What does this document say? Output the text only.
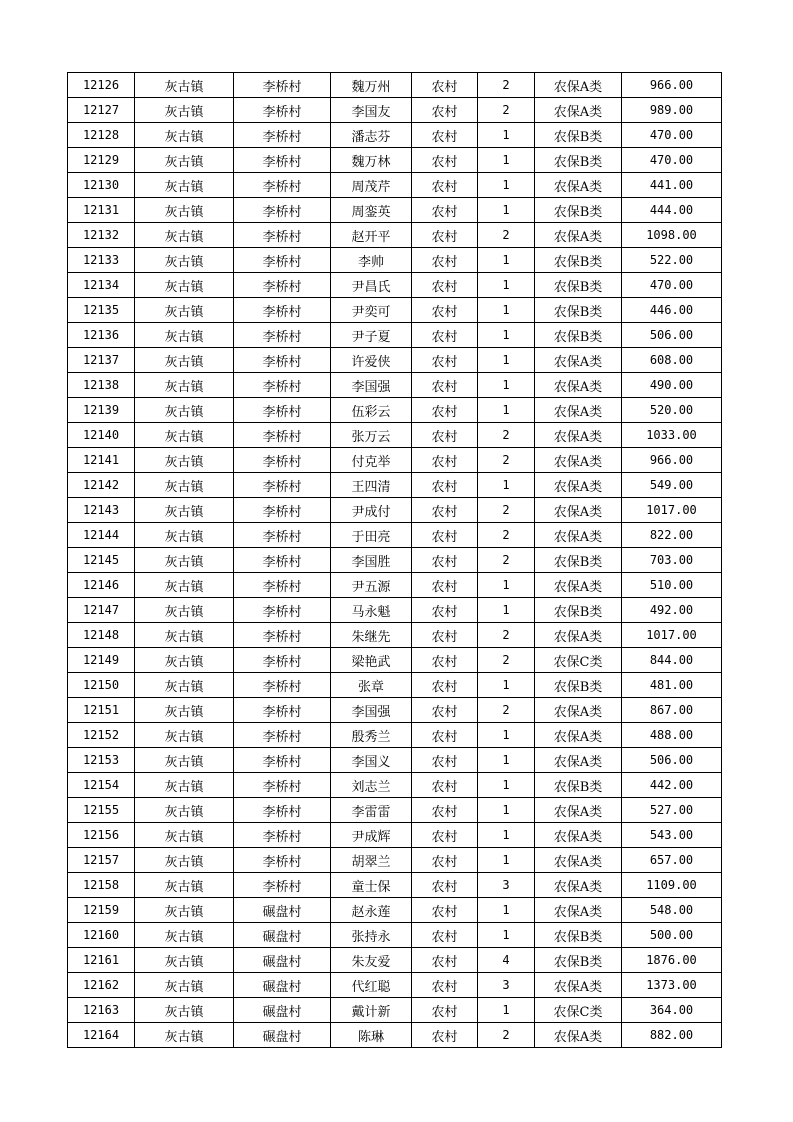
12126	灰古镇	李桥村	魏万州	农村	2	农保A类	966.00
12127	灰古镇	李桥村	李国友	农村	2	农保A类	989.00
12128	灰古镇	李桥村	潘志芬	农村	1	农保B类	470.00
12129	灰古镇	李桥村	魏万林	农村	1	农保B类	470.00
12130	灰古镇	李桥村	周茂芹	农村	1	农保A类	441.00
12131	灰古镇	李桥村	周銮英	农村	1	农保B类	444.00
12132	灰古镇	李桥村	赵开平	农村	2	农保A类	1098.00
12133	灰古镇	李桥村	李帅	农村	1	农保B类	522.00
12134	灰古镇	李桥村	尹昌氏	农村	1	农保B类	470.00
12135	灰古镇	李桥村	尹奕可	农村	1	农保B类	446.00
12136	灰古镇	李桥村	尹子夏	农村	1	农保B类	506.00
12137	灰古镇	李桥村	许爱侠	农村	1	农保A类	608.00
12138	灰古镇	李桥村	李国强	农村	1	农保A类	490.00
12139	灰古镇	李桥村	伍彩云	农村	1	农保A类	520.00
12140	灰古镇	李桥村	张万云	农村	2	农保A类	1033.00
12141	灰古镇	李桥村	付克举	农村	2	农保A类	966.00
12142	灰古镇	李桥村	王四清	农村	1	农保A类	549.00
12143	灰古镇	李桥村	尹成付	农村	2	农保A类	1017.00
12144	灰古镇	李桥村	于田亮	农村	2	农保A类	822.00
12145	灰古镇	李桥村	李国胜	农村	2	农保B类	703.00
12146	灰古镇	李桥村	尹五源	农村	1	农保A类	510.00
12147	灰古镇	李桥村	马永魁	农村	1	农保B类	492.00
12148	灰古镇	李桥村	朱继先	农村	2	农保A类	1017.00
12149	灰古镇	李桥村	梁艳武	农村	2	农保C类	844.00
12150	灰古镇	李桥村	张章	农村	1	农保B类	481.00
12151	灰古镇	李桥村	李国强	农村	2	农保A类	867.00
12152	灰古镇	李桥村	殷秀兰	农村	1	农保A类	488.00
12153	灰古镇	李桥村	李国义	农村	1	农保A类	506.00
12154	灰古镇	李桥村	刘志兰	农村	1	农保B类	442.00
12155	灰古镇	李桥村	李雷雷	农村	1	农保A类	527.00
12156	灰古镇	李桥村	尹成辉	农村	1	农保A类	543.00
12157	灰古镇	李桥村	胡翠兰	农村	1	农保A类	657.00
12158	灰古镇	李桥村	童士保	农村	3	农保A类	1109.00
12159	灰古镇	碾盘村	赵永莲	农村	1	农保A类	548.00
12160	灰古镇	碾盘村	张持永	农村	1	农保B类	500.00
12161	灰古镇	碾盘村	朱友爱	农村	4	农保B类	1876.00
12162	灰古镇	碾盘村	代红聪	农村	3	农保A类	1373.00
12163	灰古镇	碾盘村	戴计新	农村	1	农保C类	364.00
12164	灰古镇	碾盘村	陈琳	农村	2	农保A类	882.00
